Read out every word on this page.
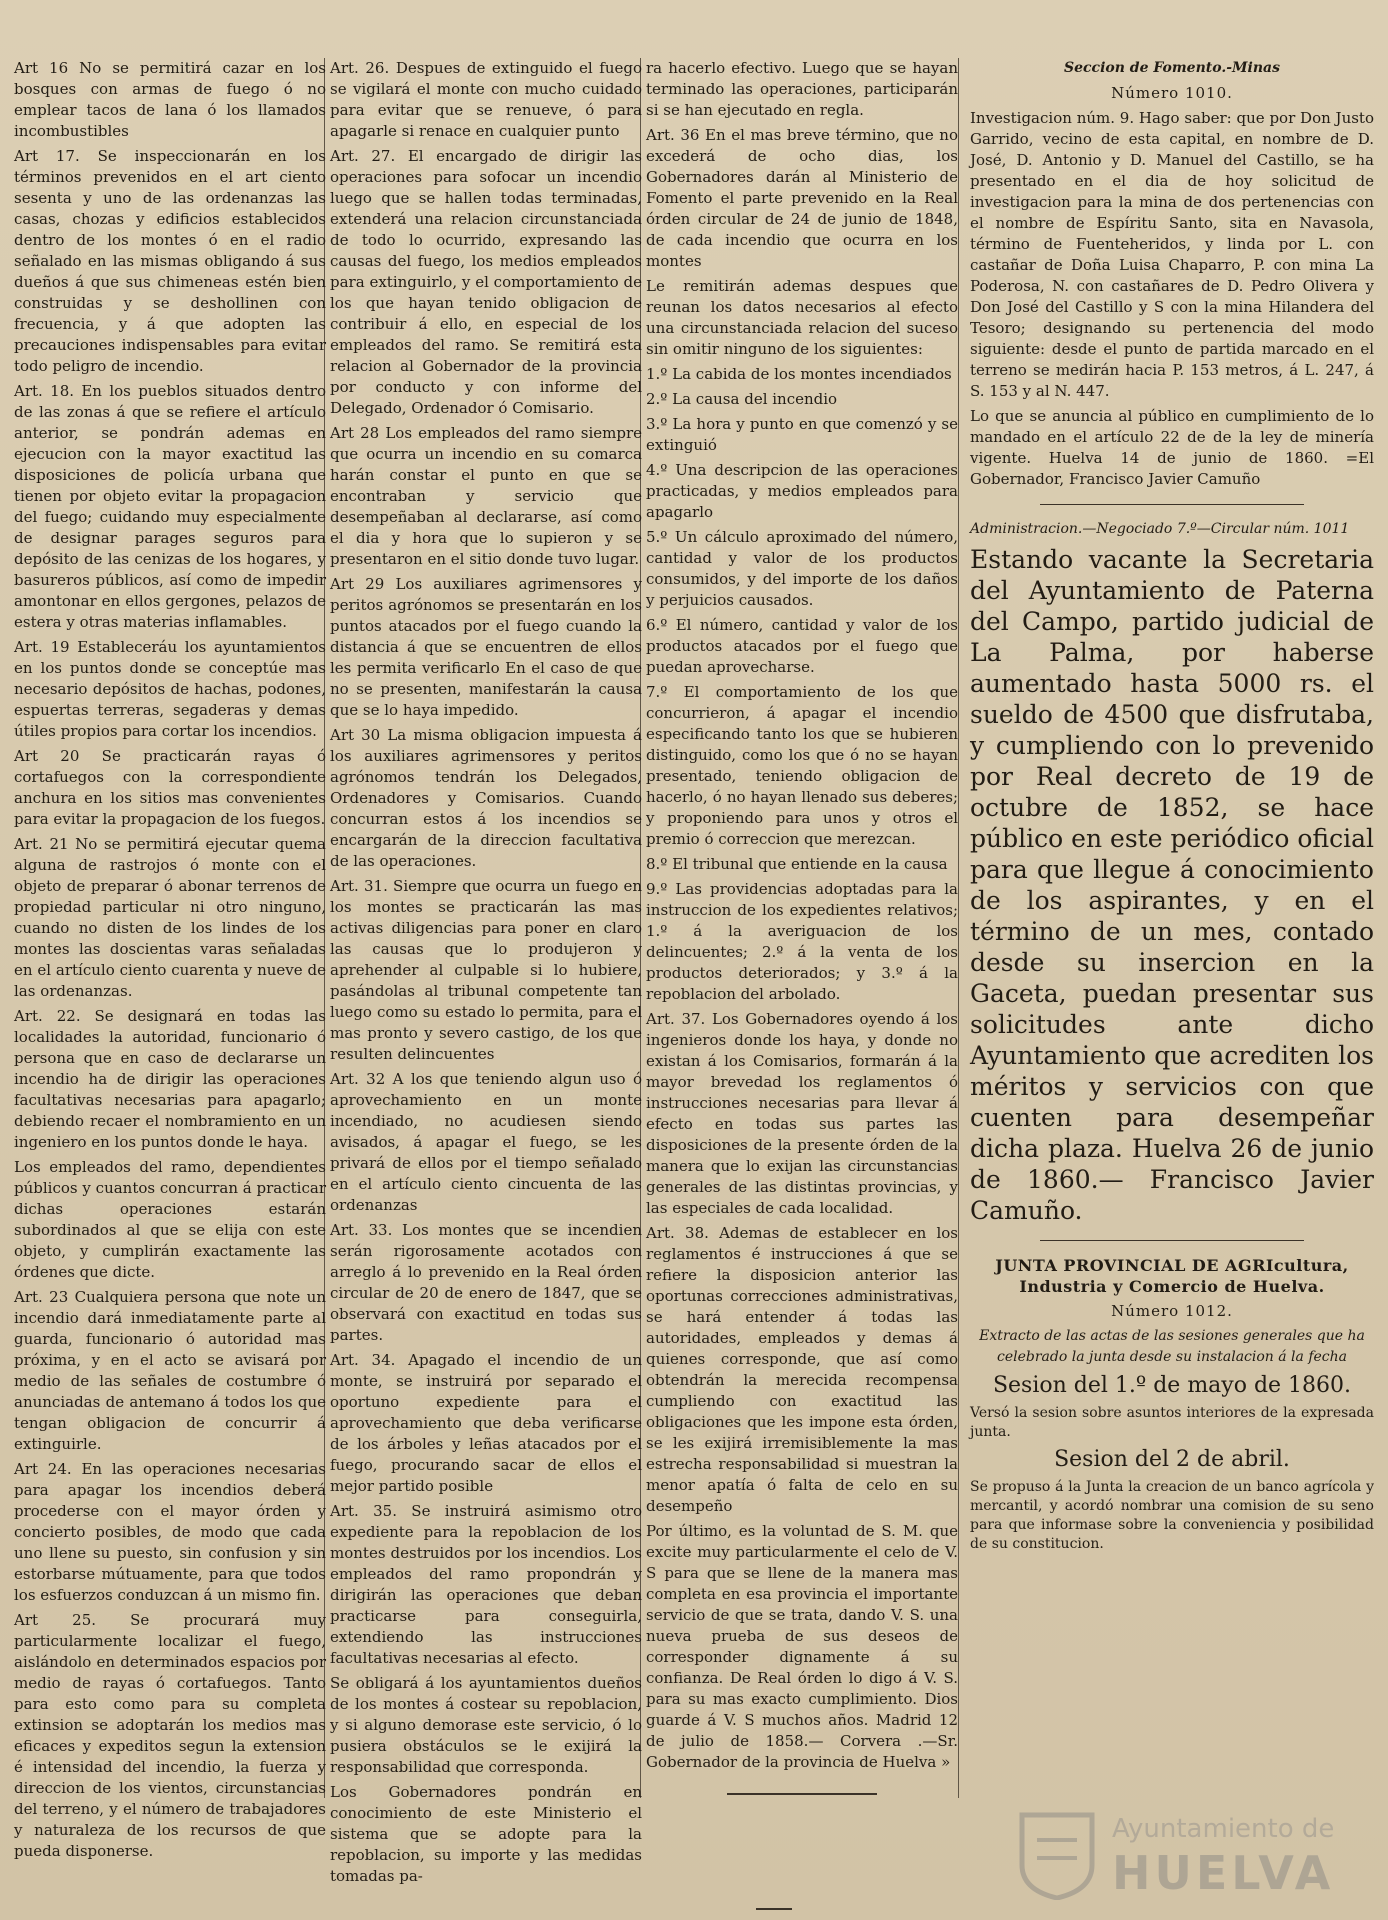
Art 16 No se permitirá cazar en los bosques con armas de fuego ó no emplear tacos de lana ó los llamados incombustibles

Art 17. Se inspeccionarán en los términos prevenidos en el art ciento sesenta y uno de las ordenanzas las casas, chozas y edificios establecidos dentro de los montes ó en el radio señalado en las mismas obligando á sus dueños á que sus chimeneas estén bien construidas y se deshollinen con frecuencia, y á que adopten las precauciones indispensables para evitar todo peligro de incendio.

Art. 18. En los pueblos situados dentro de las zonas á que se refiere el artículo anterior, se pondrán ademas en ejecucion con la mayor exactitud las disposiciones de policía urbana que tienen por objeto evitar la propagacion del fuego; cuidando muy especialmente de designar parages seguros para depósito de las cenizas de los hogares, y basureros públicos, así como de impedir amontonar en ellos gergones, pelazos de estera y otras materias inflamables.

Art. 19 Estableceráu los ayuntamientos en los puntos donde se conceptúe mas necesario depósitos de hachas, podones, espuertas terreras, segaderas y demas útiles propios para cortar los incendios.

Art 20 Se practicarán rayas ó cortafuegos con la correspondiente anchura en los sitios mas convenientes para evitar la propagacion de los fuegos.

Art. 21 No se permitirá ejecutar quema alguna de rastrojos ó monte con el objeto de preparar ó abonar terrenos de propiedad particular ni otro ninguno, cuando no disten de los lindes de los montes las doscientas varas señaladas en el artículo ciento cuarenta y nueve de las ordenanzas.

Art. 22. Se designará en todas las localidades la autoridad, funcionario ó persona que en caso de declararse un incendio ha de dirigir las operaciones facultativas necesarias para apagarlo; debiendo recaer el nombramiento en un ingeniero en los puntos donde le haya.

Los empleados del ramo, dependientes públicos y cuantos concurran á practicar dichas operaciones estarán subordinados al que se elija con este objeto, y cumplirán exactamente las órdenes que dicte.

Art. 23 Cualquiera persona que note un incendio dará inmediatamente parte al guarda, funcionario ó autoridad mas próxima, y en el acto se avisará por medio de las señales de costumbre ó anunciadas de antemano á todos los que tengan obligacion de concurrir á extinguirle.

Art 24. En las operaciones necesarias para apagar los incendios deberá procederse con el mayor órden y concierto posibles, de modo que cada uno llene su puesto, sin confusion y sin estorbarse mútuamente, para que todos los esfuerzos conduzcan á un mismo fin.

Art 25. Se procurará muy particularmente localizar el fuego, aislándolo en determinados espacios por medio de rayas ó cortafuegos. Tanto para esto como para su completa extinsion se adoptarán los medios mas eficaces y expeditos segun la extension é intensidad del incendio, la fuerza y direccion de los vientos, circunstancias del terreno, y el número de trabajadores y naturaleza de los recursos de que pueda disponerse.

Art. 26. Despues de extinguido el fuego se vigilará el monte con mucho cuidado para evitar que se renueve, ó para apagarle si renace en cualquier punto

Art. 27. El encargado de dirigir las operaciones para sofocar un incendio luego que se hallen todas terminadas, extenderá una relacion circunstanciada de todo lo ocurrido, expresando las causas del fuego, los medios empleados para extinguirlo, y el comportamiento de los que hayan tenido obligacion de contribuir á ello, en especial de los empleados del ramo. Se remitirá esta relacion al Gobernador de la provincia por conducto y con informe del Delegado, Ordenador ó Comisario.

Art 28 Los empleados del ramo siempre que ocurra un incendio en su comarca harán constar el punto en que se encontraban y servicio que desempeñaban al declararse, así como el dia y hora que lo supieron y se presentaron en el sitio donde tuvo lugar.

Art 29 Los auxiliares agrimensores y peritos agrónomos se presentarán en los puntos atacados por el fuego cuando la distancia á que se encuentren de ellos les permita verificarlo En el caso de que no se presenten, manifestarán la causa que se lo haya impedido.

Art 30 La misma obligacion impuesta á los auxiliares agrimensores y peritos agrónomos tendrán los Delegados, Ordenadores y Comisarios. Cuando concurran estos á los incendios se encargarán de la direccion facultativa de las operaciones.

Art. 31. Siempre que ocurra un fuego en los montes se practicarán las mas activas diligencias para poner en claro las causas que lo produjeron y aprehender al culpable si lo hubiere, pasándolas al tribunal competente tan luego como su estado lo permita, para el mas pronto y severo castigo, de los que resulten delincuentes

Art. 32 A los que teniendo algun uso ó aprovechamiento en un monte incendiado, no acudiesen siendo avisados, á apagar el fuego, se les privará de ellos por el tiempo señalado en el artículo ciento cincuenta de las ordenanzas

Art. 33. Los montes que se incendien serán rigorosamente acotados con arreglo á lo prevenido en la Real órden circular de 20 de enero de 1847, que se observará con exactitud en todas sus partes.

Art. 34. Apagado el incendio de un monte, se instruirá por separado el oportuno expediente para el aprovechamiento que deba verificarse de los árboles y leñas atacados por el fuego, procurando sacar de ellos el mejor partido posible

Art. 35. Se instruirá asimismo otro expediente para la repoblacion de los montes destruidos por los incendios. Los empleados del ramo propondrán y dirigirán las operaciones que deban practicarse para conseguirla, extendiendo las instrucciones facultativas necesarias al efecto.

Se obligará á los ayuntamientos dueños de los montes á costear su repoblacion, y si alguno demorase este servicio, ó lo pusiera obstáculos se le exijirá la responsabilidad que corresponda.

Los Gobernadores pondrán en conocimiento de este Ministerio el sistema que se adopte para la repoblacion, su importe y las medidas tomadas pa-

ra hacerlo efectivo. Luego que se hayan terminado las operaciones, participarán si se han ejecutado en regla.

Art. 36 En el mas breve término, que no excederá de ocho dias, los Gobernadores darán al Ministerio de Fomento el parte prevenido en la Real órden circular de 24 de junio de 1848, de cada incendio que ocurra en los montes

Le remitirán ademas despues que reunan los datos necesarios al efecto una circunstanciada relacion del suceso sin omitir ninguno de los siguientes:

1.º La cabida de los montes incendiados

2.º La causa del incendio

3.º La hora y punto en que comenzó y se extinguió

4.º Una descripcion de las operaciones practicadas, y medios empleados para apagarlo

5.º Un cálculo aproximado del número, cantidad y valor de los productos consumidos, y del importe de los daños y perjuicios causados.

6.º El número, cantidad y valor de los productos atacados por el fuego que puedan aprovecharse.

7.º El comportamiento de los que concurrieron, á apagar el incendio especificando tanto los que se hubieren distinguido, como los que ó no se hayan presentado, teniendo obligacion de hacerlo, ó no hayan llenado sus deberes; y proponiendo para unos y otros el premio ó correccion que merezcan.

8.º El tribunal que entiende en la causa

9.º Las providencias adoptadas para la instruccion de los expedientes relativos; 1.º á la averiguacion de los delincuentes; 2.º á la venta de los productos deteriorados; y 3.º á la repoblacion del arbolado.

Art. 37. Los Gobernadores oyendo á los ingenieros donde los haya, y donde no existan á los Comisarios, formarán á la mayor brevedad los reglamentos ó instrucciones necesarias para llevar á efecto en todas sus partes las disposiciones de la presente órden de la manera que lo exijan las circunstancias generales de las distintas provincias, y las especiales de cada localidad.

Art. 38. Ademas de establecer en los reglamentos é instrucciones á que se refiere la disposicion anterior las oportunas correcciones administrativas, se hará entender á todas las autoridades, empleados y demas á quienes corresponde, que así como obtendrán la merecida recompensa cumpliendo con exactitud las obligaciones que les impone esta órden, se les exijirá irremisiblemente la mas estrecha responsabilidad si muestran la menor apatía ó falta de celo en su desempeño

Por último, es la voluntad de S. M. que excite muy particularmente el celo de V. S para que se llene de la manera mas completa en esa provincia el importante servicio de que se trata, dando V. S. una nueva prueba de sus deseos de corresponder dignamente á su confianza. De Real órden lo digo á V. S. para su mas exacto cumplimiento. Dios guarde á V. S muchos años. Madrid 12 de julio de 1858.— Corvera .—Sr. Gobernador de la provincia de Huelva »

Seccion de Fomento.-Minas

Número 1010.

Investigacion núm. 9. Hago saber: que por Don Justo Garrido, vecino de esta capital, en nombre de D. José, D. Antonio y D. Manuel del Castillo, se ha presentado en el dia de hoy solicitud de investigacion para la mina de dos pertenencias con el nombre de Espíritu Santo, sita en Navasola, término de Fuenteheridos, y linda por L. con castañar de Doña Luisa Chaparro, P. con mina La Poderosa, N. con castañares de D. Pedro Olivera y Don José del Castillo y S con la mina Hilandera del Tesoro; designando su pertenencia del modo siguiente: desde el punto de partida marcado en el terreno se medirán hacia P. 153 metros, á L. 247, á S. 153 y al N. 447.

Lo que se anuncia al público en cumplimiento de lo mandado en el artículo 22 de de la ley de minería vigente. Huelva 14 de junio de 1860. =El Gobernador, Francisco Javier Camuño

Administracion.—Negociado 7.º—Circular núm. 1011

Estando vacante la Secretaria del Ayuntamiento de Paterna del Campo, partido judicial de La Palma, por haberse aumentado hasta 5000 rs. el sueldo de 4500 que disfrutaba, y cumpliendo con lo prevenido por Real decreto de 19 de octubre de 1852, se hace público en este periódico oficial para que llegue á conocimiento de los aspirantes, y en el término de un mes, contado desde su insercion en la Gaceta, puedan presentar sus solicitudes ante dicho Ayuntamiento que acrediten los méritos y servicios con que cuenten para desempeñar dicha plaza. Huelva 26 de junio de 1860.— Francisco Javier Camuño.

JUNTA PROVINCIAL DE AGRIcultura, Industria y Comercio de Huelva.

Número 1012.

Extracto de las actas de las sesiones generales que ha celebrado la junta desde su instalacion á la fecha

Sesion del 1.º de mayo de 1860.

Versó la sesion sobre asuntos interiores de la expresada junta.

Sesion del 2 de abril.

Se propuso á la Junta la creacion de un banco agrícola y mercantil, y acordó nombrar una comision de su seno para que informase sobre la conveniencia y posibilidad de su constitucion.

Ayuntamiento de
HUELVA
